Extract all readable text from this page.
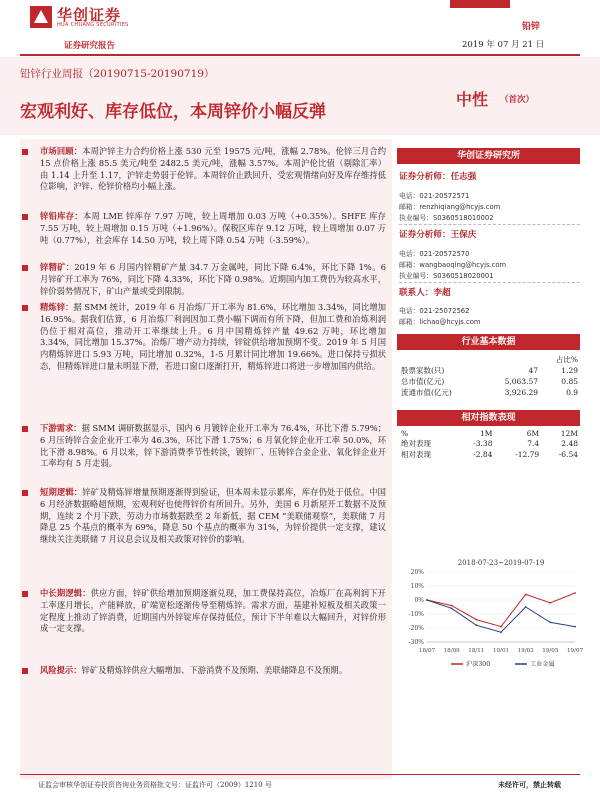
华创证券
HUA CHUANG SECURITIES
证券研究报告
铅锌
2019 年 07 月 21 日
铅锌行业周报（20190715-20190719）
宏观利好、库存低位，本周锌价小幅反弹
中性 （首次）
市场回顾：本周沪锌主力合约价格上涨 530 元至 19575 元/吨，涨幅 2.78%。伦锌三月合约 15 点价格上涨 85.5 美元/吨至 2482.5 美元/吨，涨幅 3.57%。本周沪伦比值（剔除汇率）由 1.14 上升至 1.17，沪锌走势弱于伦锌。本周锌价止跌回升，受宏观情绪向好及库存维持低位影响，沪锌、伦锌价格均小幅上涨。
锌铅库存：本周 LME 锌库存 7.97 万吨，较上周增加 0.03 万吨（+0.35%）。SHFE 库存 7.55 万吨，较上周增加 0.15 万吨（+1.96%）。保税区库存 9.12 万吨，较上周增加 0.07 万吨（0.77%），社会库存 14.50 万吨，较上周下降 0.54 万吨（-3.59%）。
锌精矿：2019 年 6 月国内锌精矿产量 34.7 万金属吨，同比下降 6.4%，环比下降 1%。6 月锌矿开工率为 76%，同比下降 4.33%，环比下降 0.98%。近期国内加工费仍为较高水平，锌价弱势情况下，矿山产量或受到限制。
精炼锌：据 SMM 统计，2019 年 6 月冶炼厂开工率为 81.6%，环比增加 3.34%，同比增加 16.95%。据我们估算，6 月冶炼厂利润因加工费小幅下调而有所下降，但加工费和冶炼利润仍位于相对高位，推动开工率继续上升。6 月中国精炼锌产量 49.62 万吨，环比增加 3.34%，同比增加 15.37%。冶炼厂增产动力持续，锌锭供给增加预期不变。2019 年 5 月国内精炼锌进口 5.93 万吨，同比增加 0.32%，1-5 月累计同比增加 19.66%。进口保持亏损状态，但精炼锌进口量未明显下滑，若进口窗口逐渐打开，精炼锌进口将进一步增加国内供给。
下游需求：据 SMM 调研数据显示，国内 6 月镀锌企业开工率为 76.4%，环比下滑 5.79%；6 月压铸锌合金企业开工率为 46.3%，环比下滑 1.75%；6 月氧化锌企业开工率 50.0%，环比下滑 8.98%。6 月以来，锌下游消费季节性转淡，镀锌厂、压铸锌合金企业、氧化锌企业开工率均有 5 月走弱。
短期逻辑：锌矿及精炼锌增量预期逐渐得到验证，但本周未显示累库，库存仍处于低位。中国 6 月经济数据略超预期，宏观利好也使得锌价有所回升。另外，美国 6 月新屋开工数据不及预期，连续 2 个月下跌，劳动力市场数据跌至 2 年新低，据 CEM “美联储观察”，美联储 7 月降息 25 个基点的概率为 69%，降息 50 个基点的概率为 31%，为锌价提供一定支撑，建议继续关注美联储 7 月议息会议及相关政策对锌价的影响。
中长期逻辑：供应方面，锌矿供给增加预期逐渐兑现，加工费保持高位，冶炼厂在高利润下开工率逐月增长，产能释放，矿端宽松逐渐传导至精炼锌。需求方面，基建补短板及相关政策一定程度上推动了锌消费，近期国内外锌锭库存保持低位，预计下半年难以大幅回升，对锌价形成一定支撑。
风险提示：锌矿及精炼锌供应大幅增加、下游消费不及预期、美联储降息不及预期。
华创证券研究所
证券分析师：任志强
电话：021-20572571
邮箱：renzhiqiang@hcyjs.com
执业编号：S0360518010002
证券分析师：王保庆
电话：021-20572570
邮箱：wangbaoqing@hcyjs.com
执业编号：S0360518020001
联系人：李超
电话：021-25072562
邮箱：lichao@hcyjs.com
行业基本数据
		占比%
股票家数(只)	47	1.29
总市值(亿元)	5,063.57	0.85
流通市值(亿元)	3,926.29	0.9
相对指数表现
%	1M	6M	12M
绝对表现	-3.38	7.4	2.48
相对表现	-2.84	-12.79	-6.54
2018-07-23~2019-07-19
20%
10%
0%
-10%
-20%
-30%
18/07 18/09 18/11 19/01 19/03 19/05 19/07
沪深300	工业金属
证监会审核华创证券投资咨询业务资格批文号：证监许可（2009）1210 号	未经许可，禁止转载
